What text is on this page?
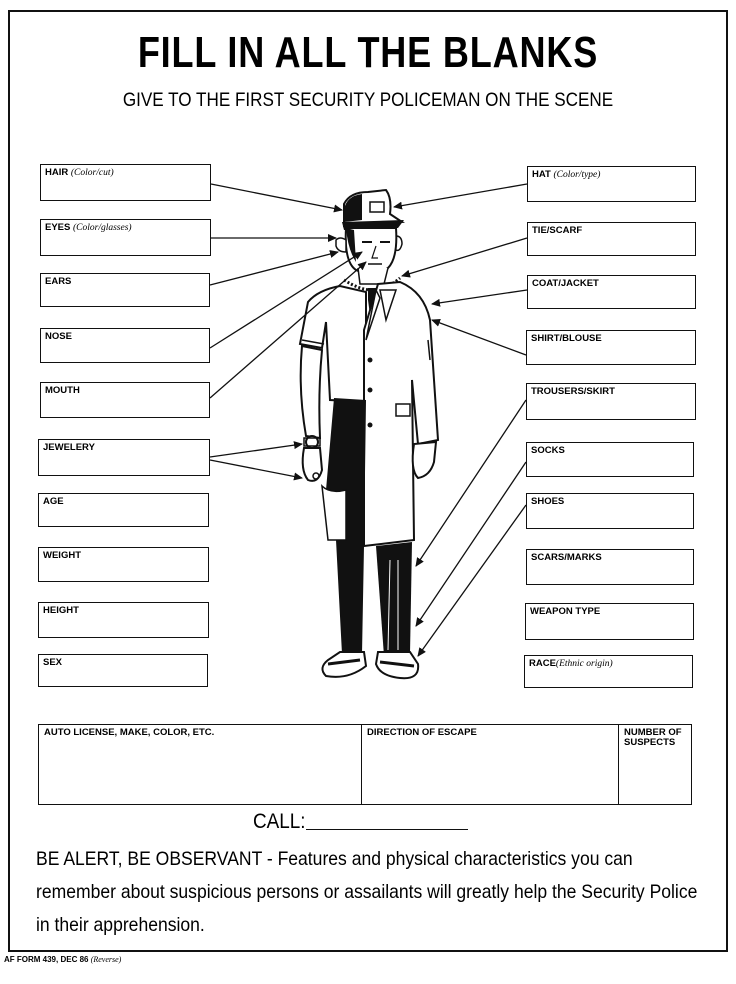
FILL IN ALL THE BLANKS
GIVE TO THE FIRST SECURITY POLICEMAN ON THE SCENE
HAIR (Color/cut)
EYES (Color/glasses)
EARS
NOSE
MOUTH
JEWELERY
AGE
WEIGHT
HEIGHT
SEX
HAT (Color/type)
TIE/SCARF
COAT/JACKET
SHIRT/BLOUSE
TROUSERS/SKIRT
SOCKS
SHOES
SCARS/MARKS
WEAPON TYPE
RACE(Ethnic origin)
AUTO LICENSE, MAKE, COLOR, ETC.	DIRECTION OF ESCAPE	NUMBER OF
SUSPECTS
CALL:
BE ALERT, BE OBSERVANT - Features and physical characteristics you can remember about suspicious persons or assailants will greatly help the Security Police in their apprehension.
AF FORM 439, DEC 86 (Reverse)
